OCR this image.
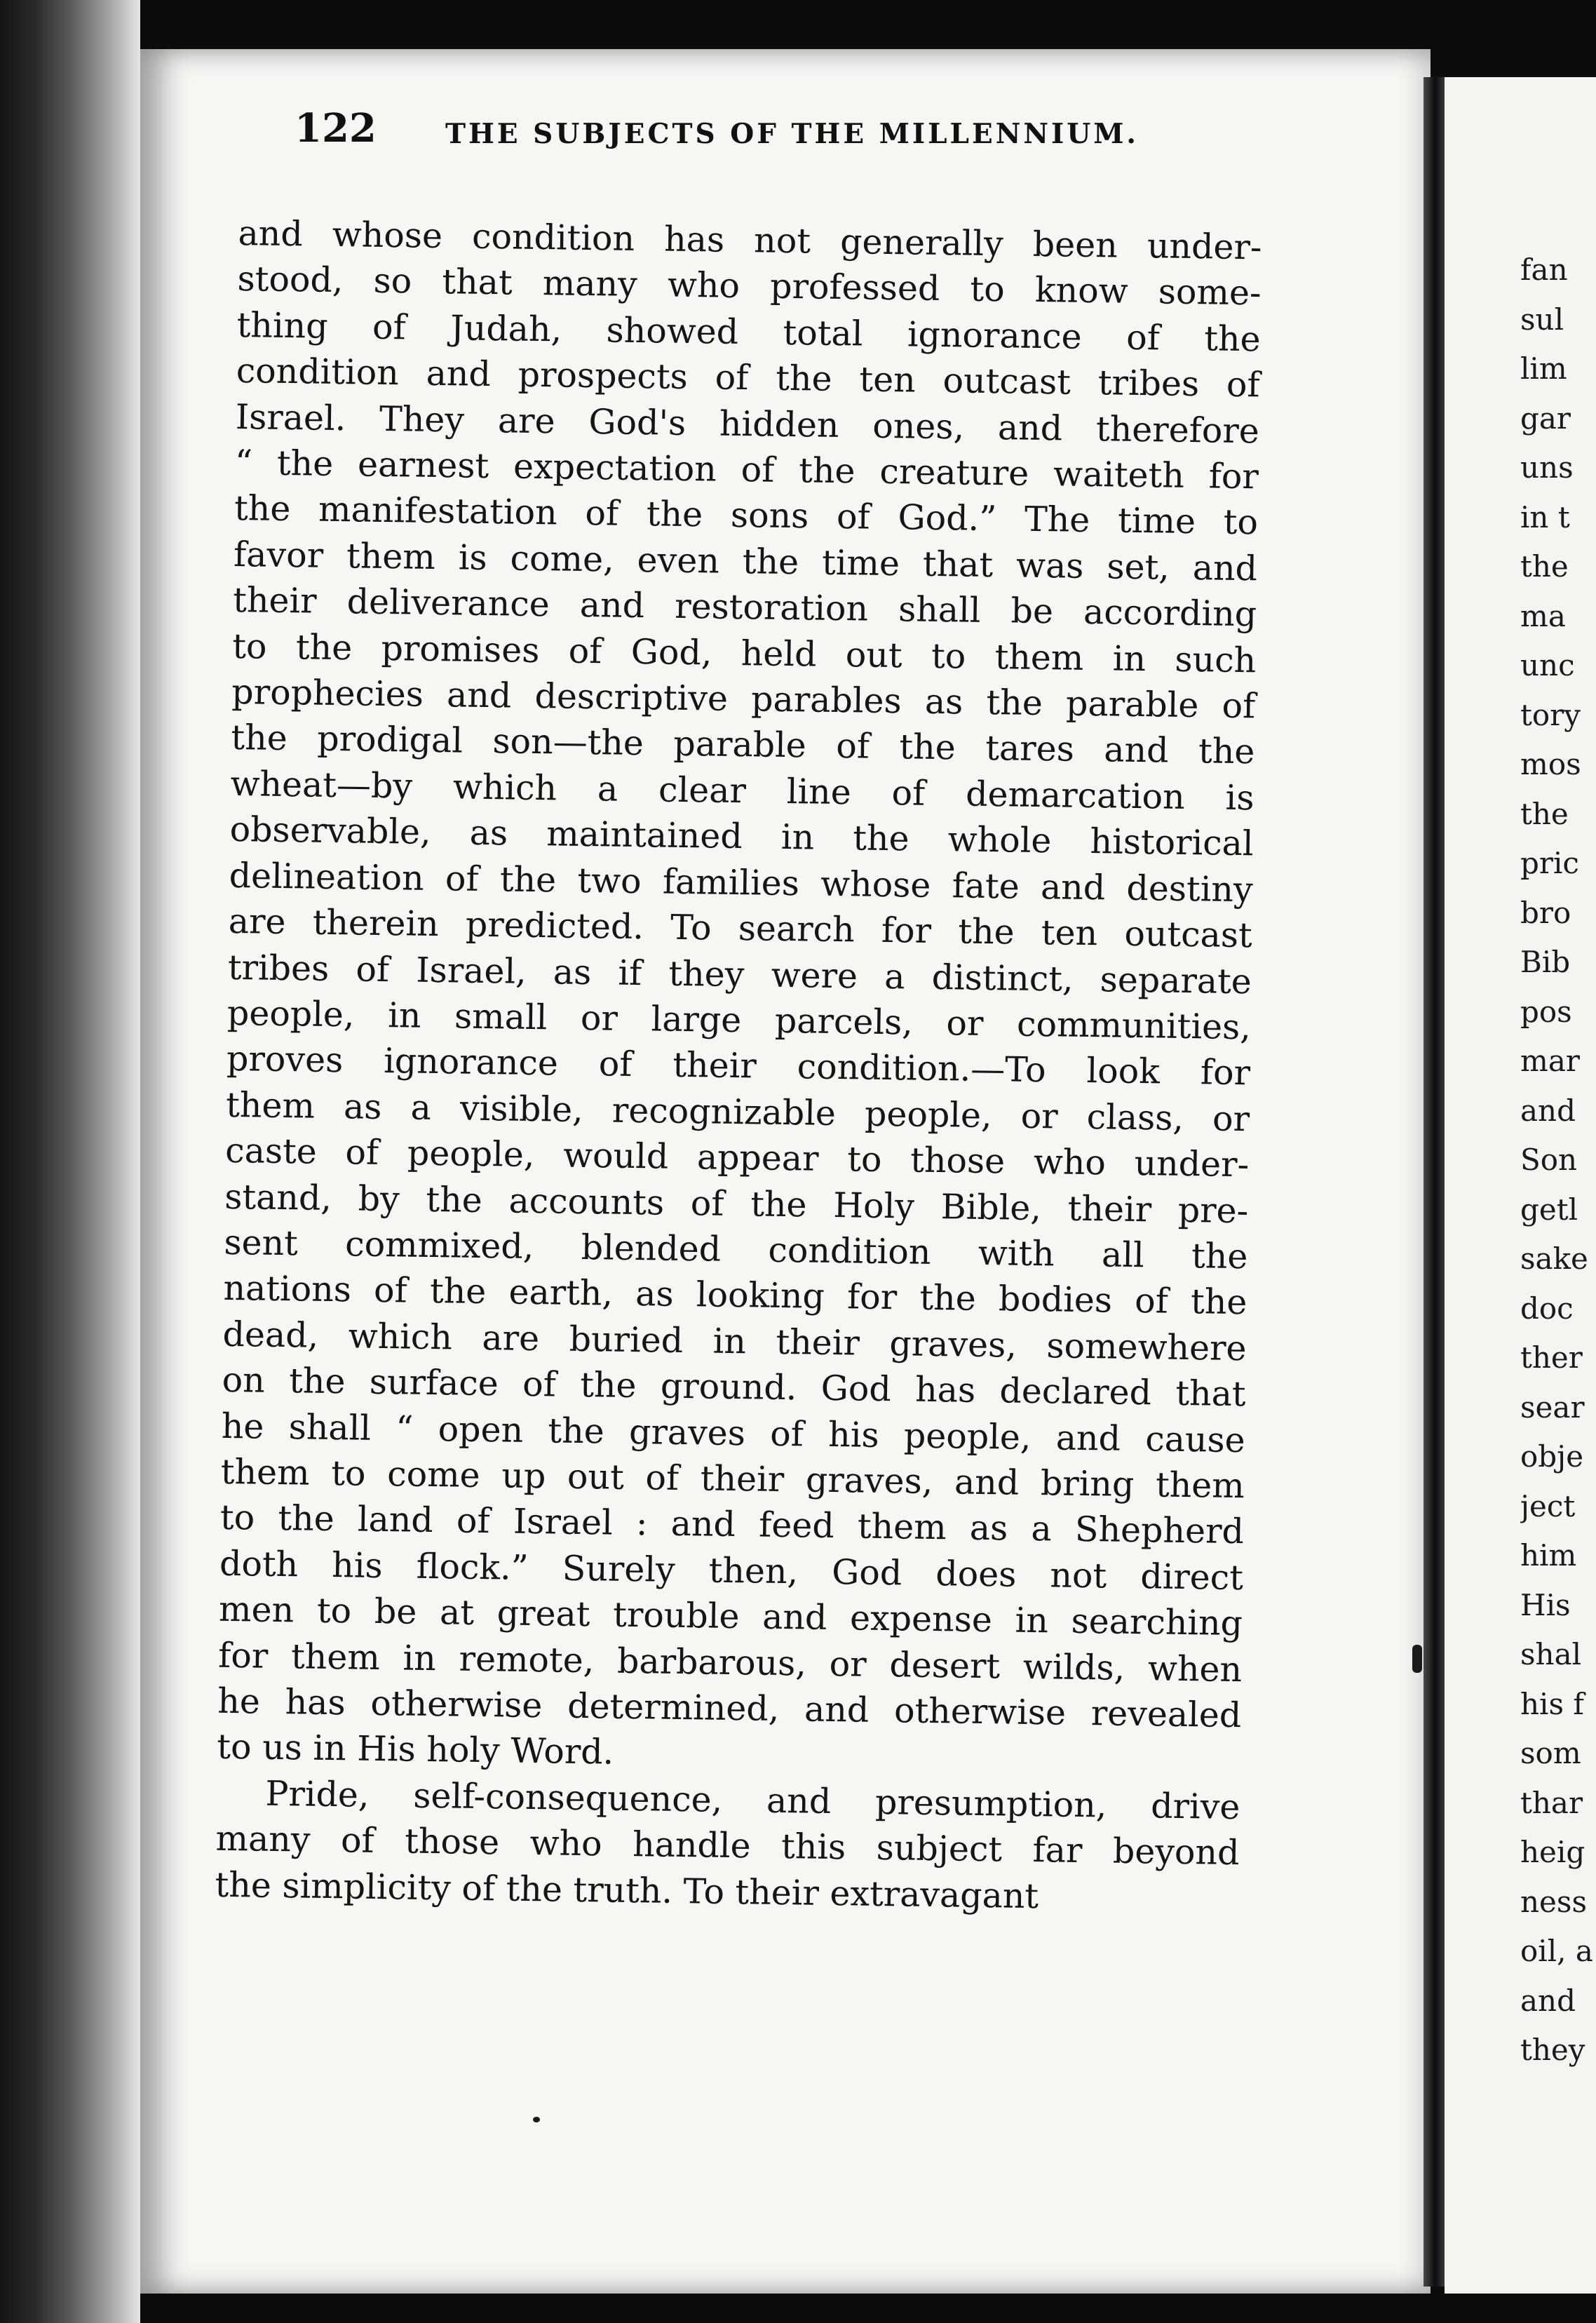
122	THE SUBJECTS OF THE MILLENNIUM.

and whose condition has not generally been under-
stood, so that many who professed to know some-
thing of Judah, showed total ignorance of the
condition and prospects of the ten outcast tribes of
Israel. They are God's hidden ones, and therefore
“ the earnest expectation of the creature waiteth for
the manifestation of the sons of God.” The time to
favor them is come, even the time that was set, and
their deliverance and restoration shall be according
to the promises of God, held out to them in such
prophecies and descriptive parables as the parable of
the prodigal son—the parable of the tares and the
wheat—by which a clear line of demarcation is
observable, as maintained in the whole historical
delineation of the two families whose fate and destiny
are therein predicted. To search for the ten outcast
tribes of Israel, as if they were a distinct, separate
people, in small or large parcels, or communities,
proves ignorance of their condition.—To look for
them as a visible, recognizable people, or class, or
caste of people, would appear to those who under-
stand, by the accounts of the Holy Bible, their pre-
sent commixed, blended condition with all the
nations of the earth, as looking for the bodies of the
dead, which are buried in their graves, somewhere
on the surface of the ground. God has declared that
he shall “ open the graves of his people, and cause
them to come up out of their graves, and bring them
to the land of Israel : and feed them as a Shepherd
doth his flock.” Surely then, God does not direct
men to be at great trouble and expense in searching
for them in remote, barbarous, or desert wilds, when
he has otherwise determined, and otherwise revealed
to us in His holy Word.

Pride, self-consequence, and presumption, drive
many of those who handle this subject far beyond
the simplicity of the truth. To their extravagant

fan
sul
lim
gar
uns
in t
the
ma
unc
tory
mos
the
pric
bro
Bib
pos
mar
and
Son
getl
sake
doc
ther
sear
obje
ject
him
His
shal
his f
som
thar
heig
ness
oil, a
and
they
